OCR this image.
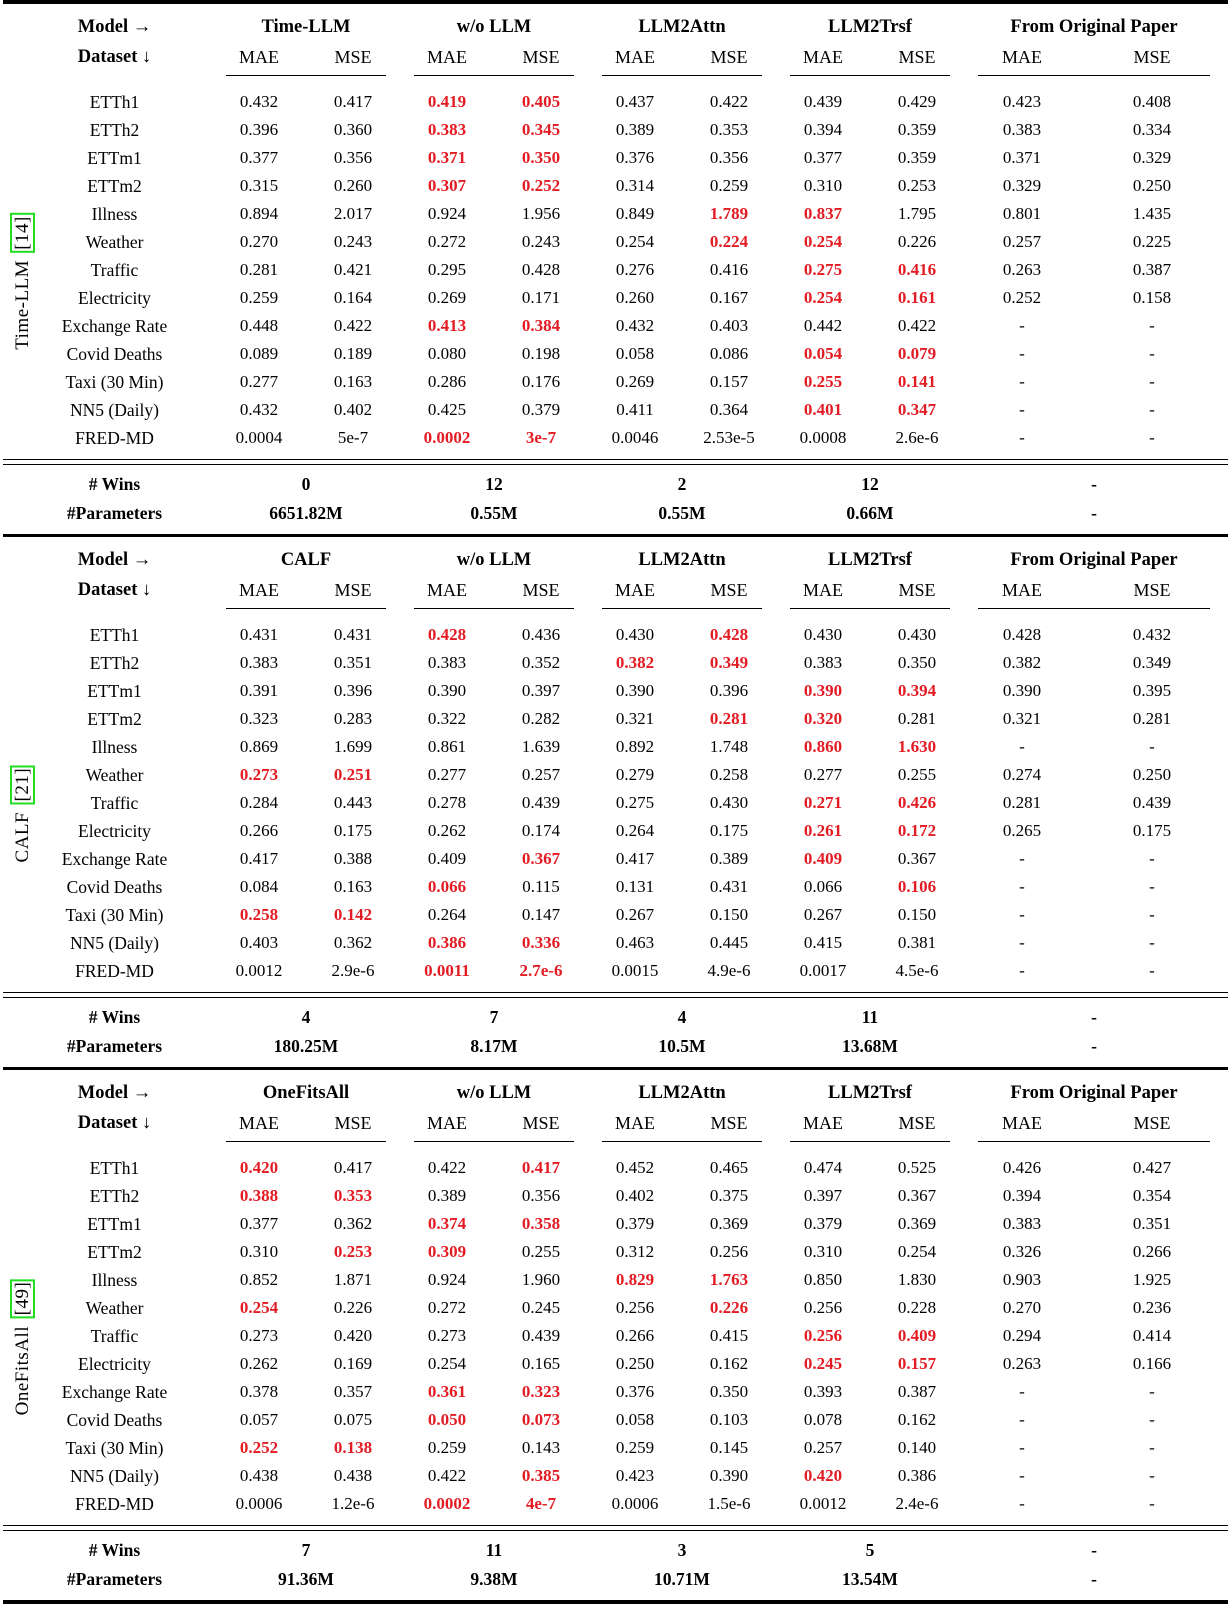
Time-LLM [14]
Model →	Time-LLM	w/o LLM	LLM2Attn	LLM2Trsf	From Original Paper
Dataset ↓	MAE	MSE	MAE	MSE	MAE	MSE	MAE	MSE	MAE	MSE
ETTh1	0.432	0.417	0.419	0.405	0.437	0.422	0.439	0.429	0.423	0.408
ETTh2	0.396	0.360	0.383	0.345	0.389	0.353	0.394	0.359	0.383	0.334
ETTm1	0.377	0.356	0.371	0.350	0.376	0.356	0.377	0.359	0.371	0.329
ETTm2	0.315	0.260	0.307	0.252	0.314	0.259	0.310	0.253	0.329	0.250
Illness	0.894	2.017	0.924	1.956	0.849	1.789	0.837	1.795	0.801	1.435
Weather	0.270	0.243	0.272	0.243	0.254	0.224	0.254	0.226	0.257	0.225
Traffic	0.281	0.421	0.295	0.428	0.276	0.416	0.275	0.416	0.263	0.387
Electricity	0.259	0.164	0.269	0.171	0.260	0.167	0.254	0.161	0.252	0.158
Exchange Rate	0.448	0.422	0.413	0.384	0.432	0.403	0.442	0.422	-	-
Covid Deaths	0.089	0.189	0.080	0.198	0.058	0.086	0.054	0.079	-	-
Taxi (30 Min)	0.277	0.163	0.286	0.176	0.269	0.157	0.255	0.141	-	-
NN5 (Daily)	0.432	0.402	0.425	0.379	0.411	0.364	0.401	0.347	-	-
FRED-MD	0.0004	5e-7	0.0002	3e-7	0.0046	2.53e-5	0.0008	2.6e-6	-	-
# Wins	0	12	2	12	-
#Parameters	6651.82M	0.55M	0.55M	0.66M	-
CALF [21]
Model →	CALF	w/o LLM	LLM2Attn	LLM2Trsf	From Original Paper
Dataset ↓	MAE	MSE	MAE	MSE	MAE	MSE	MAE	MSE	MAE	MSE
ETTh1	0.431	0.431	0.428	0.436	0.430	0.428	0.430	0.430	0.428	0.432
ETTh2	0.383	0.351	0.383	0.352	0.382	0.349	0.383	0.350	0.382	0.349
ETTm1	0.391	0.396	0.390	0.397	0.390	0.396	0.390	0.394	0.390	0.395
ETTm2	0.323	0.283	0.322	0.282	0.321	0.281	0.320	0.281	0.321	0.281
Illness	0.869	1.699	0.861	1.639	0.892	1.748	0.860	1.630	-	-
Weather	0.273	0.251	0.277	0.257	0.279	0.258	0.277	0.255	0.274	0.250
Traffic	0.284	0.443	0.278	0.439	0.275	0.430	0.271	0.426	0.281	0.439
Electricity	0.266	0.175	0.262	0.174	0.264	0.175	0.261	0.172	0.265	0.175
Exchange Rate	0.417	0.388	0.409	0.367	0.417	0.389	0.409	0.367	-	-
Covid Deaths	0.084	0.163	0.066	0.115	0.131	0.431	0.066	0.106	-	-
Taxi (30 Min)	0.258	0.142	0.264	0.147	0.267	0.150	0.267	0.150	-	-
NN5 (Daily)	0.403	0.362	0.386	0.336	0.463	0.445	0.415	0.381	-	-
FRED-MD	0.0012	2.9e-6	0.0011	2.7e-6	0.0015	4.9e-6	0.0017	4.5e-6	-	-
# Wins	4	7	4	11	-
#Parameters	180.25M	8.17M	10.5M	13.68M	-
OneFitsAll [49]
Model →	OneFitsAll	w/o LLM	LLM2Attn	LLM2Trsf	From Original Paper
Dataset ↓	MAE	MSE	MAE	MSE	MAE	MSE	MAE	MSE	MAE	MSE
ETTh1	0.420	0.417	0.422	0.417	0.452	0.465	0.474	0.525	0.426	0.427
ETTh2	0.388	0.353	0.389	0.356	0.402	0.375	0.397	0.367	0.394	0.354
ETTm1	0.377	0.362	0.374	0.358	0.379	0.369	0.379	0.369	0.383	0.351
ETTm2	0.310	0.253	0.309	0.255	0.312	0.256	0.310	0.254	0.326	0.266
Illness	0.852	1.871	0.924	1.960	0.829	1.763	0.850	1.830	0.903	1.925
Weather	0.254	0.226	0.272	0.245	0.256	0.226	0.256	0.228	0.270	0.236
Traffic	0.273	0.420	0.273	0.439	0.266	0.415	0.256	0.409	0.294	0.414
Electricity	0.262	0.169	0.254	0.165	0.250	0.162	0.245	0.157	0.263	0.166
Exchange Rate	0.378	0.357	0.361	0.323	0.376	0.350	0.393	0.387	-	-
Covid Deaths	0.057	0.075	0.050	0.073	0.058	0.103	0.078	0.162	-	-
Taxi (30 Min)	0.252	0.138	0.259	0.143	0.259	0.145	0.257	0.140	-	-
NN5 (Daily)	0.438	0.438	0.422	0.385	0.423	0.390	0.420	0.386	-	-
FRED-MD	0.0006	1.2e-6	0.0002	4e-7	0.0006	1.5e-6	0.0012	2.4e-6	-	-
# Wins	7	11	3	5	-
#Parameters	91.36M	9.38M	10.71M	13.54M	-
